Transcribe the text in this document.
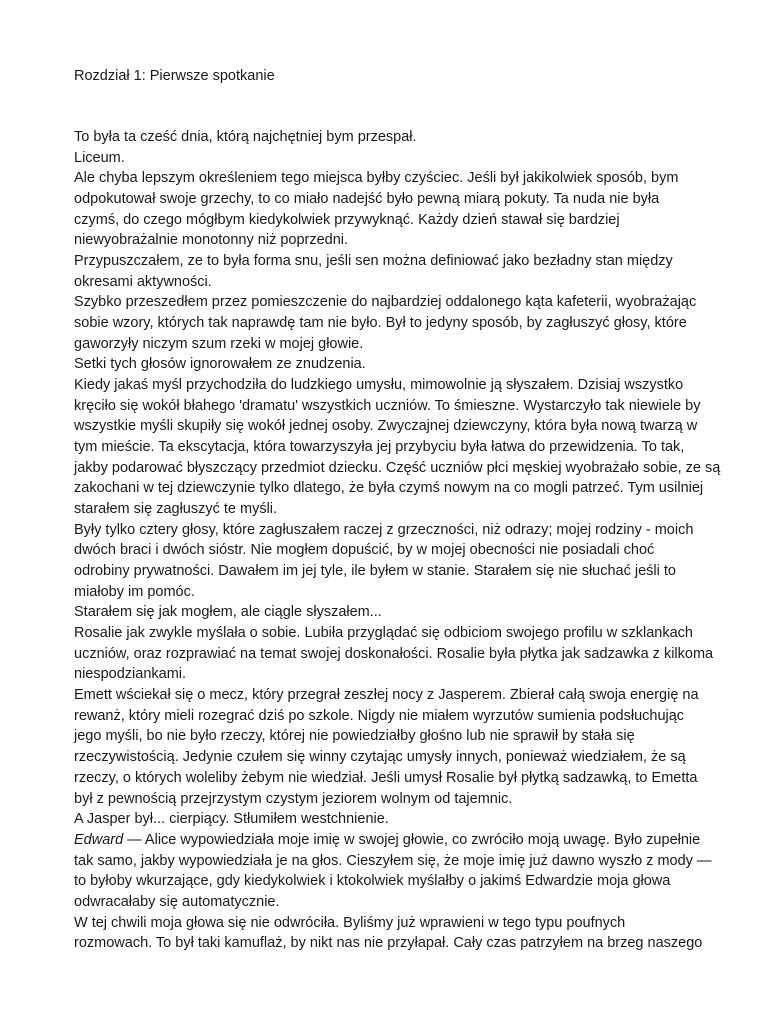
Rozdział 1: Pierwsze spotkanie
To była ta cześć dnia, którą najchętniej bym przespał.
Liceum.
Ale chyba lepszym określeniem tego miejsca byłby czyściec. Jeśli był jakikolwiek sposób, bym
odpokutował swoje grzechy, to co miało nadejść było pewną miarą pokuty. Ta nuda nie była
czymś, do czego mógłbym kiedykolwiek przywyknąć. Każdy dzień stawał się bardziej
niewyobrażalnie monotonny niż poprzedni.
Przypuszczałem, ze to była forma snu, jeśli sen można definiować jako bezładny stan między
okresami aktywności.
Szybko przeszedłem przez pomieszczenie do najbardziej oddalonego kąta kafeterii, wyobrażając
sobie wzory, których tak naprawdę tam nie było. Był to jedyny sposób, by zagłuszyć głosy, które
gaworzyły niczym szum rzeki w mojej głowie.
Setki tych głosów ignorowałem ze znudzenia.
Kiedy jakaś myśl przychodziła do ludzkiego umysłu, mimowolnie ją słyszałem. Dzisiaj wszystko
kręciło się wokół błahego 'dramatu' wszystkich uczniów. To śmieszne. Wystarczyło tak niewiele by
wszystkie myśli skupiły się wokół jednej osoby. Zwyczajnej dziewczyny, która była nową twarzą w
tym mieście. Ta ekscytacja, która towarzyszyła jej przybyciu była łatwa do przewidzenia. To tak,
jakby podarować błyszczący przedmiot dziecku. Część uczniów płci męskiej wyobrażało sobie, ze są
zakochani w tej dziewczynie tylko dlatego, że była czymś nowym na co mogli patrzeć. Tym usilniej
starałem się zagłuszyć te myśli.
Były tylko cztery głosy, które zagłuszałem raczej z grzeczności, niż odrazy; mojej rodziny - moich
dwóch braci i dwóch sióstr. Nie mogłem dopuścić, by w mojej obecności nie posiadali choć
odrobiny prywatności. Dawałem im jej tyle, ile byłem w stanie. Starałem się nie słuchać jeśli to
miałoby im pomóc.
Starałem się jak mogłem, ale ciągle słyszałem...
Rosalie jak zwykle myślała o sobie. Lubiła przyglądać się odbiciom swojego profilu w szklankach
uczniów, oraz rozprawiać na temat swojej doskonałości. Rosalie była płytka jak sadzawka z kilkoma
niespodziankami.
Emett wściekał się o mecz, który przegrał zeszłej nocy z Jasperem. Zbierał całą swoja energię na
rewanż, który mieli rozegrać dziś po szkole. Nigdy nie miałem wyrzutów sumienia podsłuchując
jego myśli, bo nie było rzeczy, której nie powiedziałby głośno lub nie sprawił by stała się
rzeczywistością. Jedynie czułem się winny czytając umysły innych, ponieważ wiedziałem, że są
rzeczy, o których woleliby żebym nie wiedział. Jeśli umysł Rosalie był płytką sadzawką, to Emetta
był z pewnością przejrzystym czystym jeziorem wolnym od tajemnic.
A Jasper był... cierpiący. Stłumiłem westchnienie.
Edward — Alice wypowiedziała moje imię w swojej głowie, co zwróciło moją uwagę. Było zupełnie
tak samo, jakby wypowiedziała je na głos. Cieszyłem się, że moje imię już dawno wyszło z mody —
to byłoby wkurzające, gdy kiedykolwiek i ktokolwiek myślałby o jakimś Edwardzie moja głowa
odwracałaby się automatycznie.
W tej chwili moja głowa się nie odwróciła. Byliśmy już wprawieni w tego typu poufnych
rozmowach. To był taki kamuflaż, by nikt nas nie przyłapał. Cały czas patrzyłem na brzeg naszego
